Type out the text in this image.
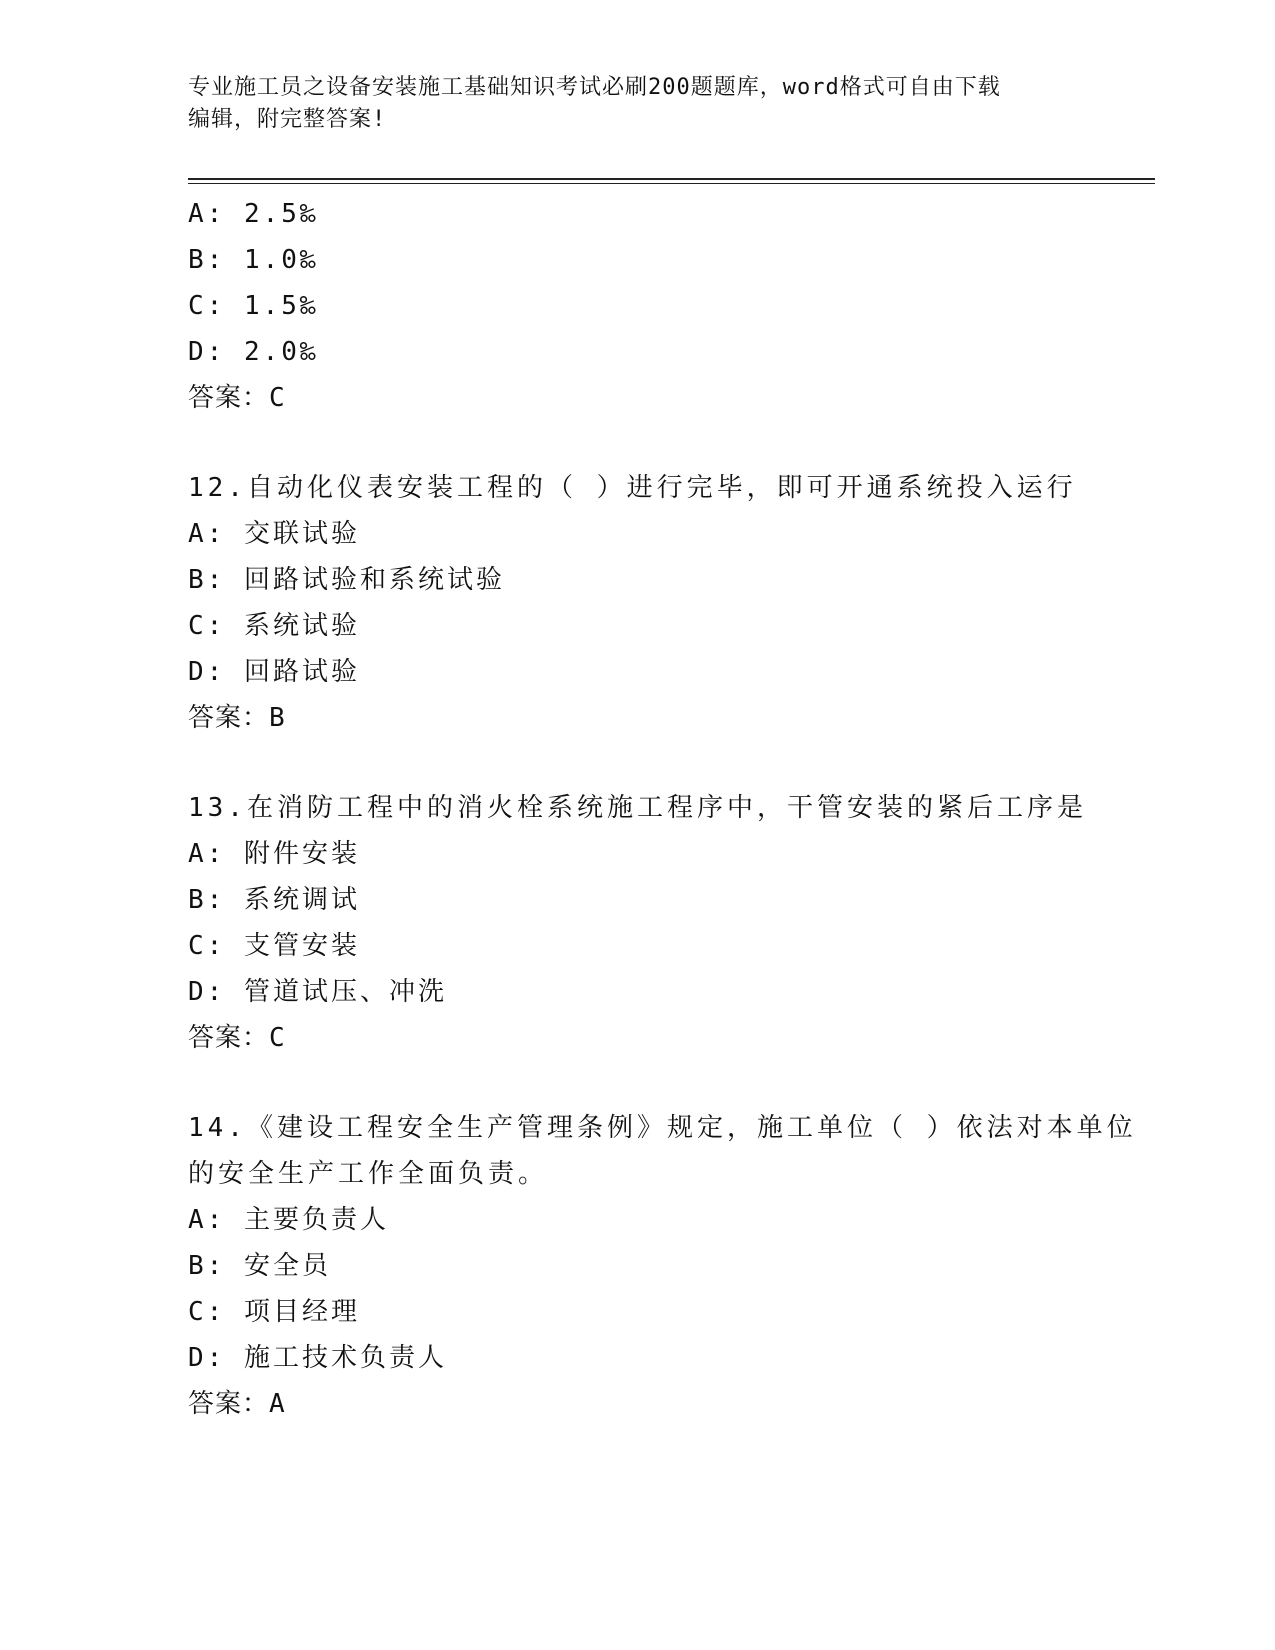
专业施工员之设备安装施工基础知识考试必刷200题题库，word格式可自由下载
编辑，附完整答案!
A: 2.5‰
B: 1.0‰
C: 1.5‰
D: 2.0‰
答案：C
12.自动化仪表安装工程的（ ）进行完毕，即可开通系统投入运行
A: 交联试验
B: 回路试验和系统试验
C: 系统试验
D: 回路试验
答案：B
13.在消防工程中的消火栓系统施工程序中，干管安装的紧后工序是
A: 附件安装
B: 系统调试
C: 支管安装
D: 管道试压、冲洗
答案：C
14.《建设工程安全生产管理条例》规定，施工单位（ ）依法对本单位的安全生产工作全面负责。
A: 主要负责人
B: 安全员
C: 项目经理
D: 施工技术负责人
答案：A
